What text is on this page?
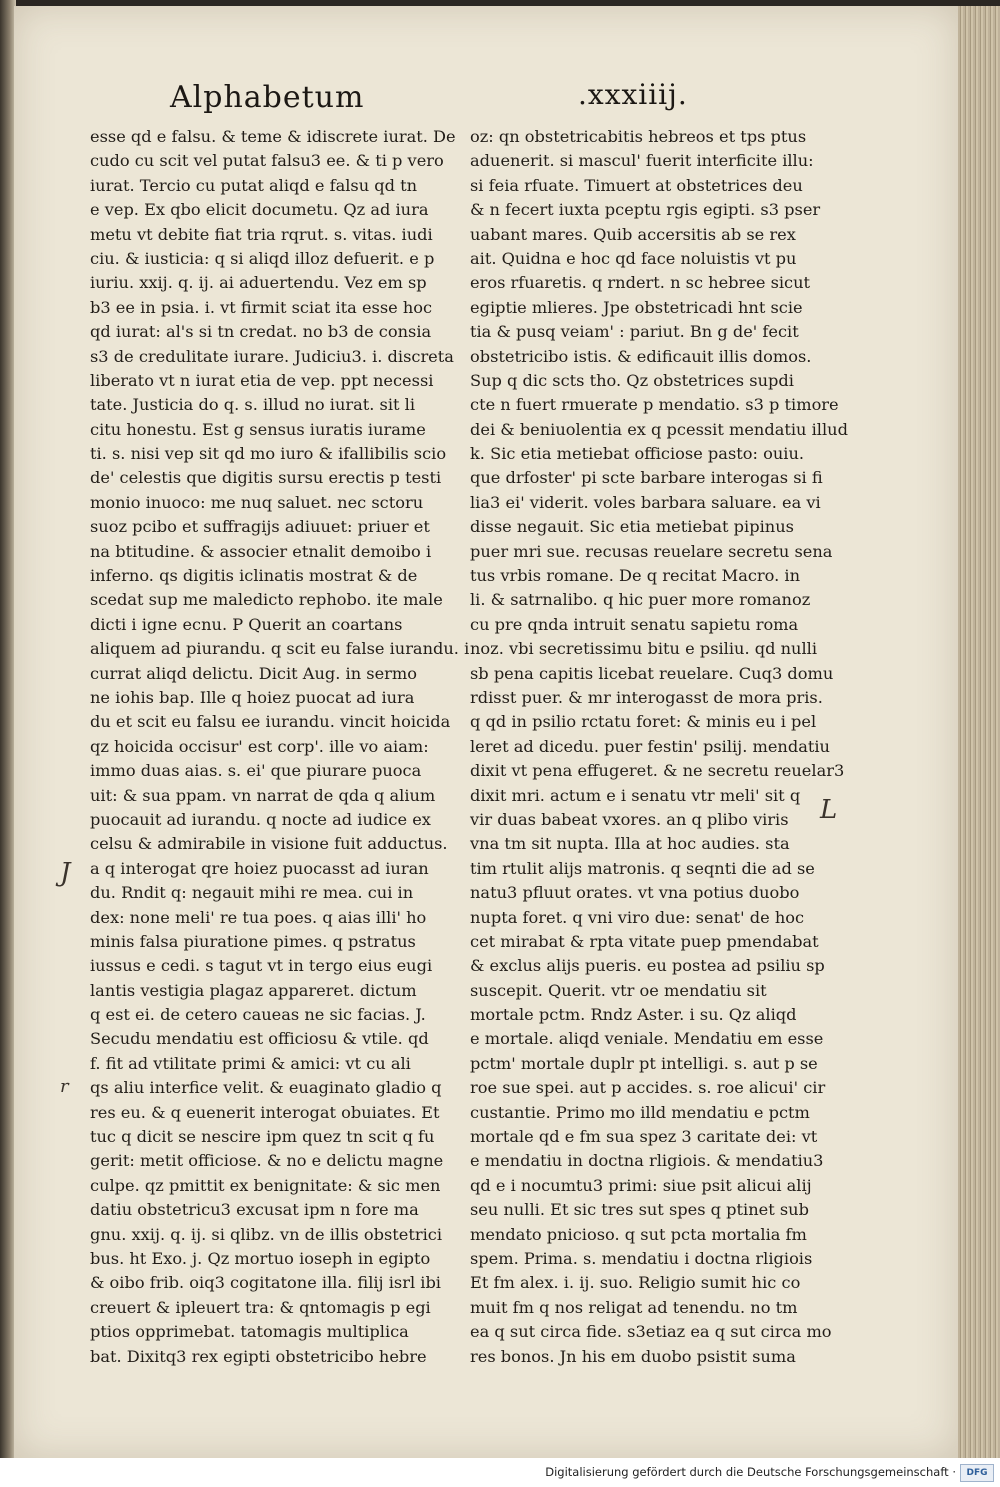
Alphabetum	.xxxiiij.
esse qd e falsu. & teme & idiscrete iurat. De
cudo cu scit vel putat falsu3 ee. & ti p vero
iurat. Tercio cu putat aliqd e falsu qd tn
e vep. Ex qbo elicit documetu. Qz ad iura
metu vt debite fiat tria rqrut. s. vitas. iudi
ciu. & iusticia: q si aliqd illoz defuerit. e p
iuriu. xxij. q. ij. ai aduertendu. Vez em sp
b3 ee in psia. i. vt firmit sciat ita esse hoc
qd iurat: al's si tn credat. no b3 de consia
s3 de credulitate iurare. Judiciu3. i. discreta
liberato vt n iurat etia de vep. ppt necessi
tate. Justicia do q. s. illud no iurat. sit li
citu honestu. Est g sensus iuratis iurame
ti. s. nisi vep sit qd mo iuro & ifallibilis scio
de' celestis que digitis sursu erectis p testi
monio inuoco: me nuq saluet. nec sctoru
suoz pcibo et suffragijs adiuuet: priuer et
na btitudine. & associer etnalit demoibo i
inferno. qs digitis iclinatis mostrat & de
scedat sup me maledicto rephobo. ite male
dicti i igne ecnu. P Querit an coartans
aliquem ad piurandu. q scit eu false iurandu. i
currat aliqd delictu. Dicit Aug. in sermo
ne iohis bap. Ille q hoiez puocat ad iura
du et scit eu falsu ee iurandu. vincit hoicida
qz hoicida occisur' est corp'. ille vo aiam:
immo duas aias. s. ei' que piurare puoca
uit: & sua ppam. vn narrat de qda q alium
puocauit ad iurandu. q nocte ad iudice ex
celsu & admirabile in visione fuit adductus.
a q interogat qre hoiez puocasst ad iuran
du. Rndit q: negauit mihi re mea. cui in
dex: none meli' re tua poes. q aias illi' ho
minis falsa piuratione pimes. q pstratus
iussus e cedi. s tagut vt in tergo eius eugi
lantis vestigia plagaz appareret. dictum
q est ei. de cetero caueas ne sic facias. J.
Secudu mendatiu est officiosu & vtile. qd
f. fit ad vtilitate primi & amici: vt cu ali
qs aliu interfice velit. & euaginato gladio q
res eu. & q euenerit interogat obuiates. Et
tuc q dicit se nescire ipm quez tn scit q fu
gerit: metit officiose. & no e delictu magne
culpe. qz pmittit ex benignitate: & sic men
datiu obstetricu3 excusat ipm n fore ma
gnu. xxij. q. ij. si qlibz. vn de illis obstetrici
bus. ht Exo. j. Qz mortuo ioseph in egipto
& oibo frib. oiq3 cogitatone illa. filij isrl ibi
creuert & ipleuert tra: & qntomagis p egi
ptios opprimebat. tatomagis multiplica
bat. Dixitq3 rex egipti obstetricibo hebre
oz: qn obstetricabitis hebreos et tps ptus
aduenerit. si mascul' fuerit interficite illu:
si feia rfuate. Timuert at obstetrices deu
& n fecert iuxta pceptu rgis egipti. s3 pser
uabant mares. Quib accersitis ab se rex
ait. Quidna e hoc qd face noluistis vt pu
eros rfuaretis. q rndert. n sc hebree sicut
egiptie mlieres. Jpe obstetricadi hnt scie
tia & pusq veiam' : pariut. Bn g de' fecit
obstetricibo istis. & edificauit illis domos.
Sup q dic scts tho. Qz obstetrices supdi
cte n fuert rmuerate p mendatio. s3 p timore
dei & beniuolentia ex q pcessit mendatiu illud
k. Sic etia metiebat officiose pasto: ouiu.
que drfoster' pi scte barbare interogas si fi
lia3 ei' viderit. voles barbara saluare. ea vi
disse negauit. Sic etia metiebat pipinus
puer mri sue. recusas reuelare secretu sena
tus vrbis romane. De q recitat Macro. in
li. & satrnalibo. q hic puer more romanoz
cu pre qnda intruit senatu sapietu roma
noz. vbi secretissimu bitu e psiliu. qd nulli
sb pena capitis licebat reuelare. Cuq3 domu
rdisst puer. & mr interogasst de mora pris.
q qd in psilio rctatu foret: & minis eu i pel
leret ad dicedu. puer festin' psilij. mendatiu
dixit vt pena effugeret. & ne secretu reuelar3
dixit mri. actum e i senatu vtr meli' sit q
vir duas babeat vxores. an q plibo viris
vna tm sit nupta. Illa at hoc audies. sta
tim rtulit alijs matronis. q seqnti die ad se
natu3 pfluut orates. vt vna potius duobo
nupta foret. q vni viro due: senat' de hoc
cet mirabat & rpta vitate puep pmendabat
& exclus alijs pueris. eu postea ad psiliu sp
suscepit. Querit. vtr oe mendatiu sit
mortale pctm. Rndz Aster. i su. Qz aliqd
e mortale. aliqd veniale. Mendatiu em esse
pctm' mortale duplr pt intelligi. s. aut p se
roe sue spei. aut p accides. s. roe alicui' cir
custantie. Primo mo illd mendatiu e pctm
mortale qd e fm sua spez 3 caritate dei: vt
e mendatiu in doctna rligiois. & mendatiu3
qd e i nocumtu3 primi: siue psit alicui alij
seu nulli. Et sic tres sut spes q ptinet sub
mendato pnicioso. q sut pcta mortalia fm
spem. Prima. s. mendatiu i doctna rligiois
Et fm alex. i. ij. suo. Religio sumit hic co
muit fm q nos religat ad tenendu. no tm
ea q sut circa fide. s3etiaz ea q sut circa mo
res bonos. Jn his em duobo psistit suma
J
L
r
Digitalisierung gefördert durch die Deutsche Forschungsgemeinschaft ·	DFG
